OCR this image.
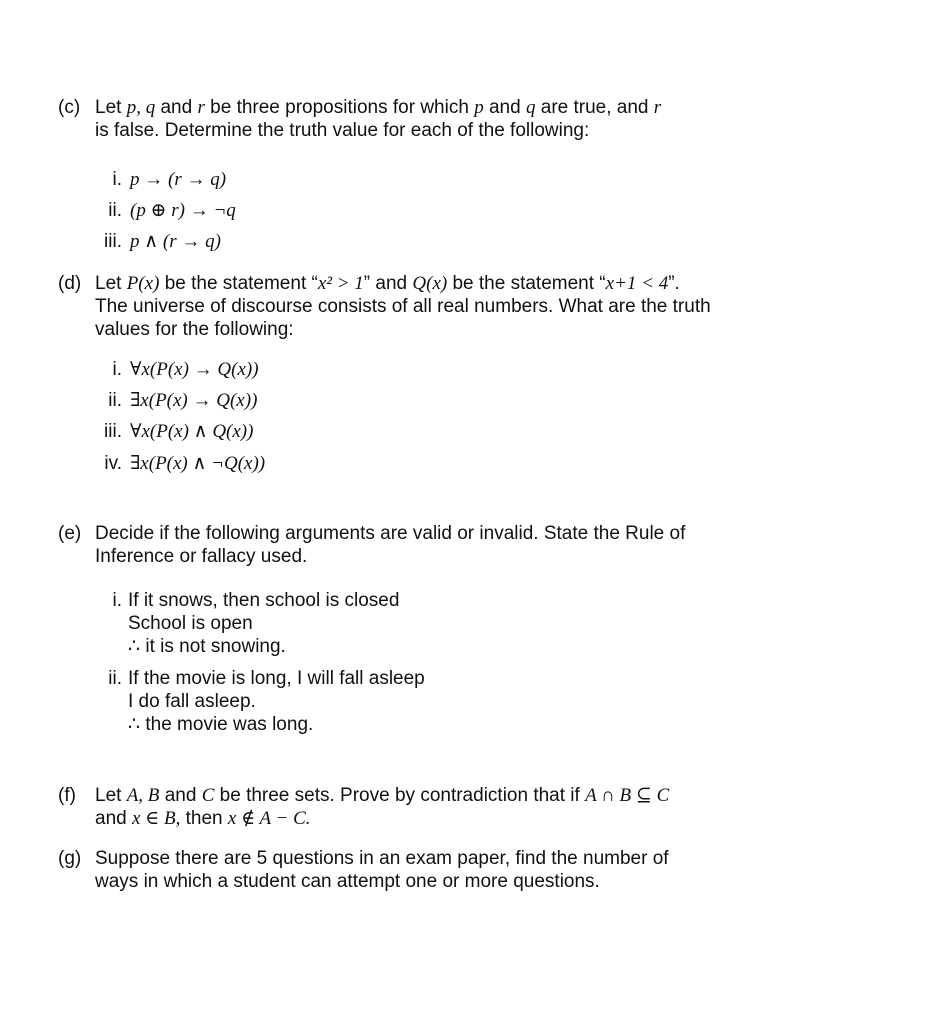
(c) Let p, q and r be three propositions for which p and q are true, and r
is false. Determine the truth value for each of the following:
i. p → (r → q)
ii. (p ⊕ r) → ¬q
iii. p ∧ (r → q)
(d) Let P(x) be the statement “x² > 1” and Q(x) be the statement “x+1 < 4”.
The universe of discourse consists of all real numbers. What are the truth
values for the following:
i. ∀x(P(x) → Q(x))
ii. ∃x(P(x) → Q(x))
iii. ∀x(P(x) ∧ Q(x))
iv. ∃x(P(x) ∧ ¬Q(x))
(e) Decide if the following arguments are valid or invalid. State the Rule of
Inference or fallacy used.
i. If it snows, then school is closed
School is open
∴ it is not snowing.
ii. If the movie is long, I will fall asleep
I do fall asleep.
∴ the movie was long.
(f) Let A, B and C be three sets. Prove by contradiction that if A ∩ B ⊆ C
and x ∈ B, then x ∉ A − C.
(g) Suppose there are 5 questions in an exam paper, find the number of
ways in which a student can attempt one or more questions.
